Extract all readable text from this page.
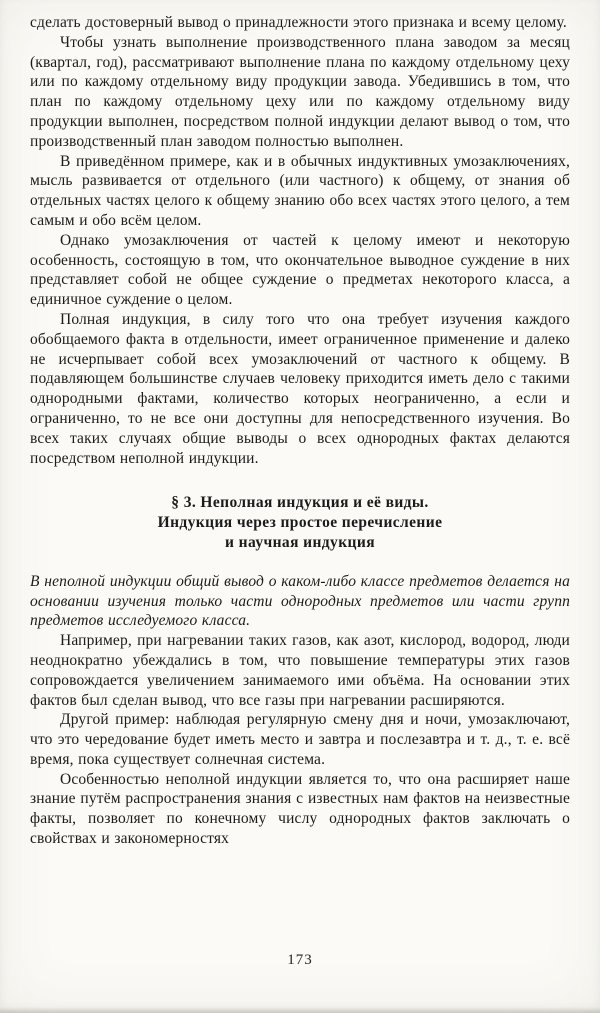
сделать достоверный вывод о принадлежности этого признака и всему целому.

Чтобы узнать выполнение производственного плана заводом за месяц (квартал, год), рассматривают выполнение плана по каждому отдельному цеху или по каждому отдельному виду продукции завода. Убедившись в том, что план по каждому отдельному цеху или по каждому отдельному виду продукции выполнен, посредством полной индукции делают вывод о том, что производственный план заводом полностью выполнен.

В приведённом примере, как и в обычных индуктивных умозаключениях, мысль развивается от отдельного (или частного) к общему, от знания об отдельных частях целого к общему знанию обо всех частях этого целого, а тем самым и обо всём целом.

Однако умозаключения от частей к целому имеют и некоторую особенность, состоящую в том, что окончательное выводное суждение в них представляет собой не общее суждение о предметах некоторого класса, а единичное суждение о целом.

Полная индукция, в силу того что она требует изучения каждого обобщаемого факта в отдельности, имеет ограниченное применение и далеко не исчерпывает собой всех умозаключений от частного к общему. В подавляющем большинстве случаев человеку приходится иметь дело с такими однородными фактами, количество которых неограниченно, а если и ограниченно, то не все они доступны для непосредственного изучения. Во всех таких случаях общие выводы о всех однородных фактах делаются посредством неполной индукции.

§ 3. Неполная индукция и её виды.
Индукция через простое перечисление
и научная индукция

В неполной индукции общий вывод о каком-либо классе предметов делается на основании изучения только части однородных предметов или части групп предметов исследуемого класса.

Например, при нагревании таких газов, как азот, кислород, водород, люди неоднократно убеждались в том, что повышение температуры этих газов сопровождается увеличением занимаемого ими объёма. На основании этих фактов был сделан вывод, что все газы при нагревании расширяются.

Другой пример: наблюдая регулярную смену дня и ночи, умозаключают, что это чередование будет иметь место и завтра и послезавтра и т. д., т. е. всё время, пока существует солнечная система.

Особенностью неполной индукции является то, что она расширяет наше знание путём распространения знания с известных нам фактов на неизвестные факты, позволяет по конечному числу однородных фактов заключать о свойствах и закономерностях

173
